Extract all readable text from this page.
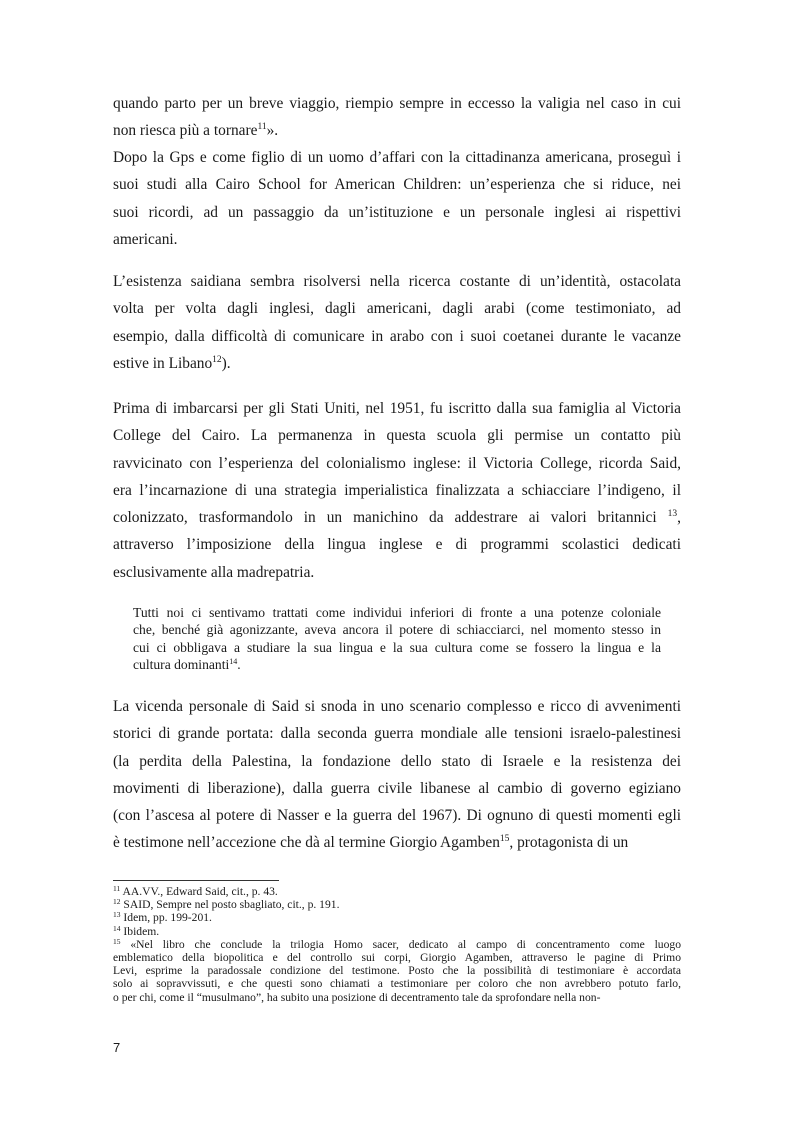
quando parto per un breve viaggio, riempio sempre in eccesso la valigia nel caso in cui
non riesca più a tornare$^{11}$».
Dopo la Gps e come figlio di un uomo d’affari con la cittadinanza americana, proseguì i
suoi studi alla Cairo School for American Children: un’esperienza che si riduce, nei
suoi ricordi, ad un passaggio da un’istituzione e un personale inglesi ai rispettivi
americani.
L’esistenza saidiana sembra risolversi nella ricerca costante di un’identità, ostacolata
volta per volta dagli inglesi, dagli americani, dagli arabi (come testimoniato, ad
esempio, dalla difficoltà di comunicare in arabo con i suoi coetanei durante le vacanze
estive in Libano$^{12}$).
Prima di imbarcarsi per gli Stati Uniti, nel 1951, fu iscritto dalla sua famiglia al Victoria
College del Cairo. La permanenza in questa scuola gli permise un contatto più
ravvicinato con l’esperienza del colonialismo inglese: il Victoria College, ricorda Said,
era l’incarnazione di una strategia imperialistica finalizzata a schiacciare l’indigeno, il
colonizzato, trasformandolo in un manichino da addestrare ai valori britannici $^{13}$,
attraverso l’imposizione della lingua inglese e di programmi scolastici dedicati
esclusivamente alla madrepatria.
Tutti noi ci sentivamo trattati come individui inferiori di fronte a una potenze coloniale
che, benché già agonizzante, aveva ancora il potere di schiacciarci, nel momento stesso in
cui ci obbligava a studiare la sua lingua e la sua cultura come se fossero la lingua e la
cultura dominanti$^{14}$.
La vicenda personale di Said si snoda in uno scenario complesso e ricco di avvenimenti
storici di grande portata: dalla seconda guerra mondiale alle tensioni israelo-palestinesi
(la perdita della Palestina, la fondazione dello stato di Israele e la resistenza dei
movimenti di liberazione), dalla guerra civile libanese al cambio di governo egiziano
(con l’ascesa al potere di Nasser e la guerra del 1967). Di ognuno di questi momenti egli
è testimone nell’accezione che dà al termine Giorgio Agamben$^{15}$, protagonista di un
$^{11}$ AA.VV., Edward Said, cit., p. 43.
$^{12}$ SAID, Sempre nel posto sbagliato, cit., p. 191.
$^{13}$ Idem, pp. 199-201.
$^{14}$ Ibidem.
$^{15}$ «Nel libro che conclude la trilogia Homo sacer, dedicato al campo di concentramento come luogo
emblematico della biopolitica e del controllo sui corpi, Giorgio Agamben, attraverso le pagine di Primo
Levi, esprime la paradossale condizione del testimone. Posto che la possibilità di testimoniare è accordata
solo ai sopravvissuti, e che questi sono chiamati a testimoniare per coloro che non avrebbero potuto farlo,
o per chi, come il “musulmano”, ha subito una posizione di decentramento tale da sprofondare nella non-
7
